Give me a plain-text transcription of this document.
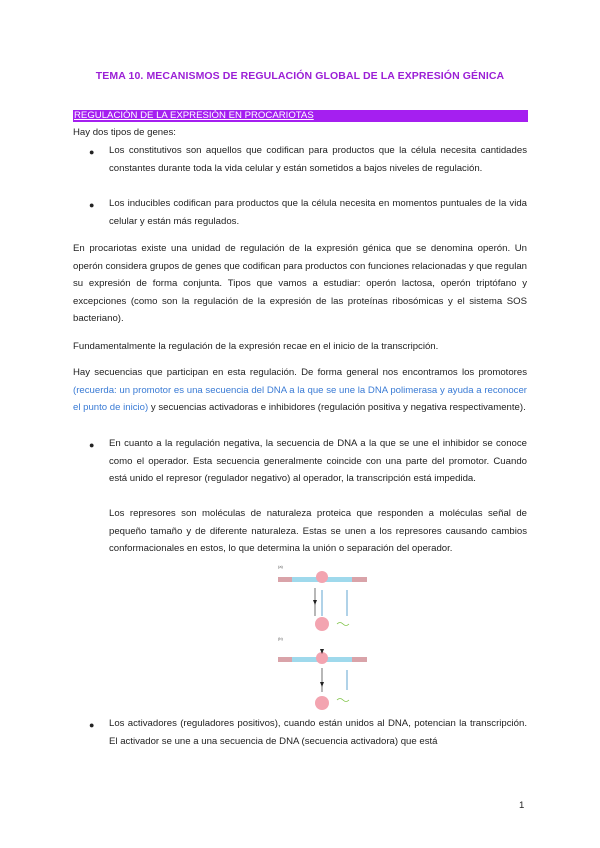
TEMA 10. MECANISMOS DE REGULACIÓN GLOBAL DE LA EXPRESIÓN GÉNICA
REGULACIÓN DE LA EXPRESIÓN EN PROCARIOTAS

Hay dos tipos de genes:

● Los constitutivos son aquellos que codifican para productos que la célula necesita cantidades constantes durante toda la vida celular y están sometidos a bajos niveles de regulación.

● Los inducibles codifican para productos que la célula necesita en momentos puntuales de la vida celular y están más regulados.

En procariotas existe una unidad de regulación de la expresión génica que se denomina operón. Un operón considera grupos de genes que codifican para productos con funciones relacionadas y que regulan su expresión de forma conjunta. Tipos que vamos a estudiar: operón lactosa, operón triptófano y excepciones (como son la regulación de la expresión de las proteínas ribosómicas y el sistema SOS bacteriano).

Fundamentalmente la regulación de la expresión recae en el inicio de la transcripción.

Hay secuencias que participan en esta regulación. De forma general nos encontramos los promotores (recuerda: un promotor es una secuencia del DNA a la que se une la DNA polimerasa y ayuda a reconocer el punto de inicio) y secuencias activadoras e inhibidores (regulación positiva y negativa respectivamente).

● En cuanto a la regulación negativa, la secuencia de DNA a la que se une el inhibidor se conoce como el operador. Esta secuencia generalmente coincide con una parte del promotor. Cuando está unido el represor (regulador negativo) al operador, la transcripción está impedida.

Los represores son moléculas de naturaleza proteica que responden a moléculas señal de pequeño tamaño y de diferente naturaleza. Estas se unen a los represores causando cambios conformacionales en estos, lo que determina la unión o separación del operador.

(a)
(b)
● Los activadores (reguladores positivos), cuando están unidos al DNA, potencian la transcripción. El activador se une a una secuencia de DNA (secuencia activadora) que está

1
